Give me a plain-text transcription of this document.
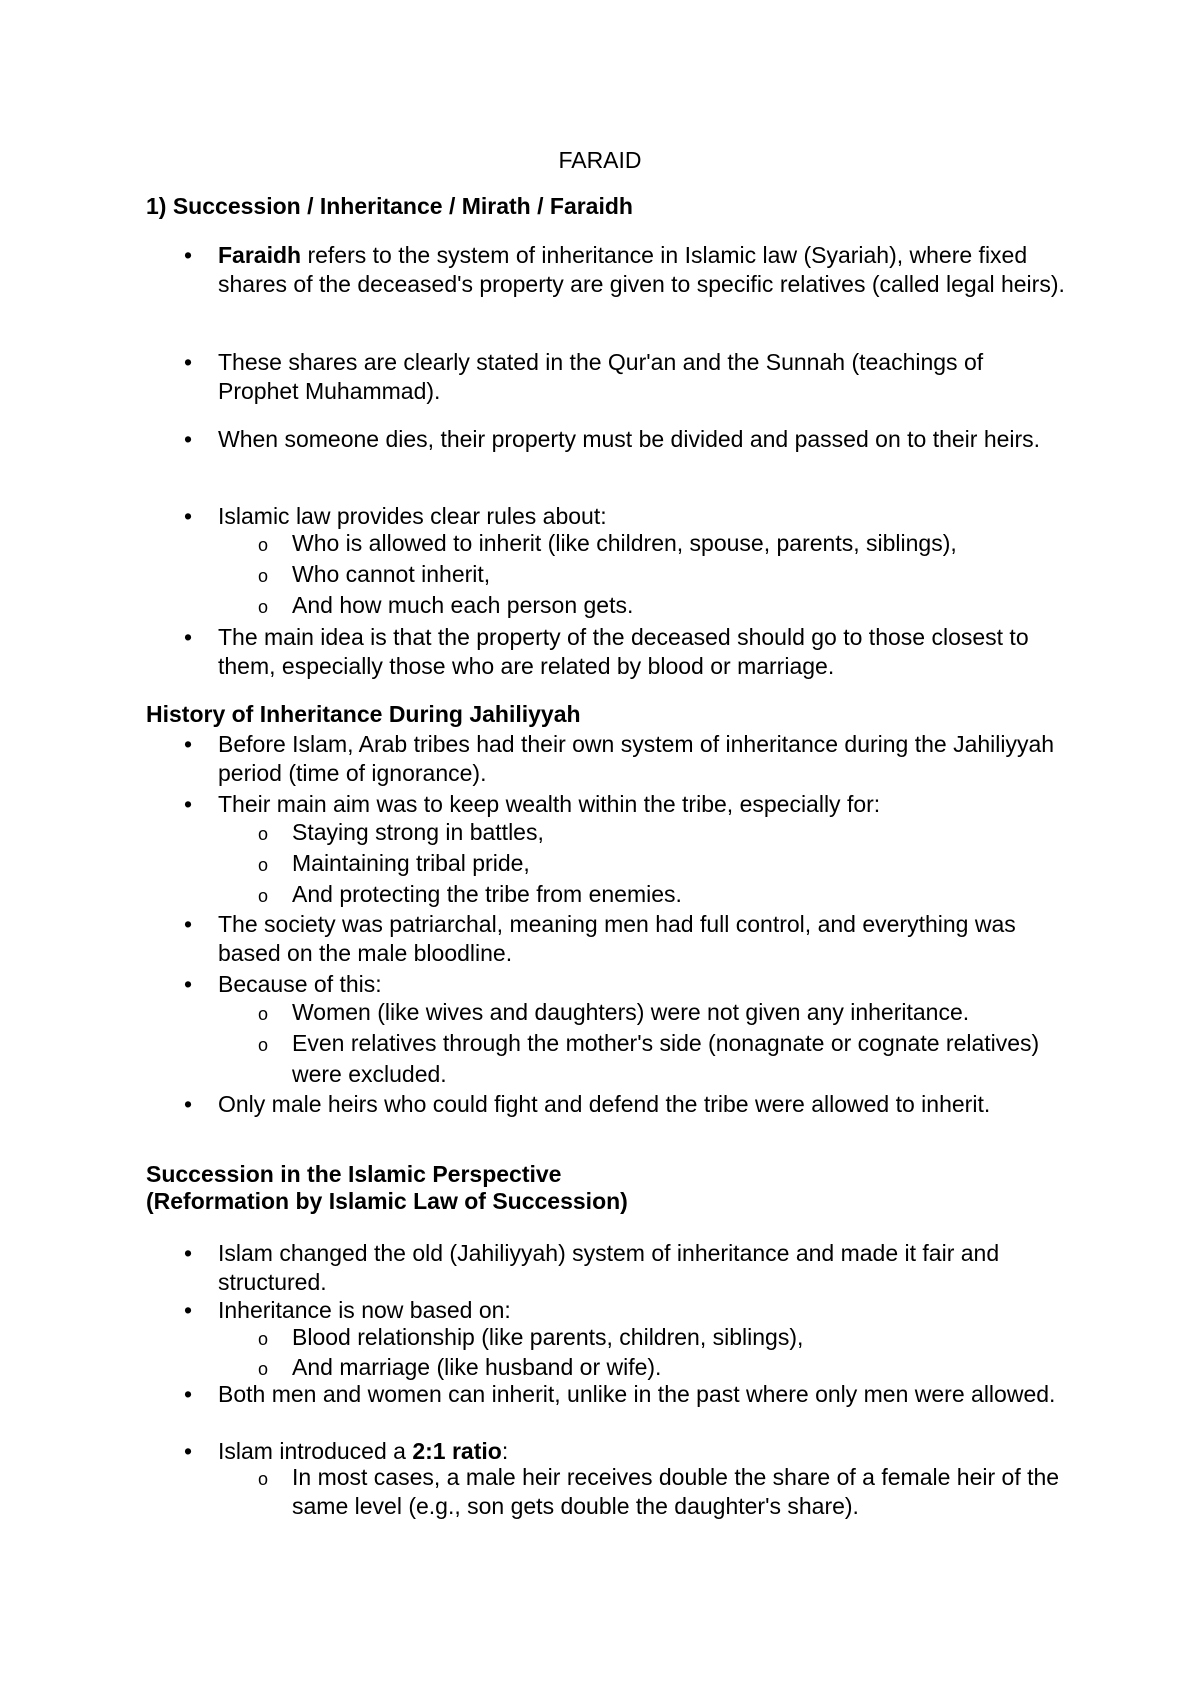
FARAID
1) Succession / Inheritance / Mirath / Faraidh
• Faraidh refers to the system of inheritance in Islamic law (Syariah), where fixed shares of the deceased's property are given to specific relatives (called legal heirs).
• These shares are clearly stated in the Qur'an and the Sunnah (teachings of Prophet Muhammad).
• When someone dies, their property must be divided and passed on to their heirs.
• Islamic law provides clear rules about:
o Who is allowed to inherit (like children, spouse, parents, siblings),
o Who cannot inherit,
o And how much each person gets.
• The main idea is that the property of the deceased should go to those closest to them, especially those who are related by blood or marriage.
History of Inheritance During Jahiliyyah
• Before Islam, Arab tribes had their own system of inheritance during the Jahiliyyah period (time of ignorance).
• Their main aim was to keep wealth within the tribe, especially for:
o Staying strong in battles,
o Maintaining tribal pride,
o And protecting the tribe from enemies.
• The society was patriarchal, meaning men had full control, and everything was based on the male bloodline.
• Because of this:
o Women (like wives and daughters) were not given any inheritance.
o Even relatives through the mother's side (nonagnate or cognate relatives) were excluded.
• Only male heirs who could fight and defend the tribe were allowed to inherit.
Succession in the Islamic Perspective
(Reformation by Islamic Law of Succession)
• Islam changed the old (Jahiliyyah) system of inheritance and made it fair and structured.
• Inheritance is now based on:
o Blood relationship (like parents, children, siblings),
o And marriage (like husband or wife).
• Both men and women can inherit, unlike in the past where only men were allowed.
• Islam introduced a 2:1 ratio:
o In most cases, a male heir receives double the share of a female heir of the same level (e.g., son gets double the daughter's share).
